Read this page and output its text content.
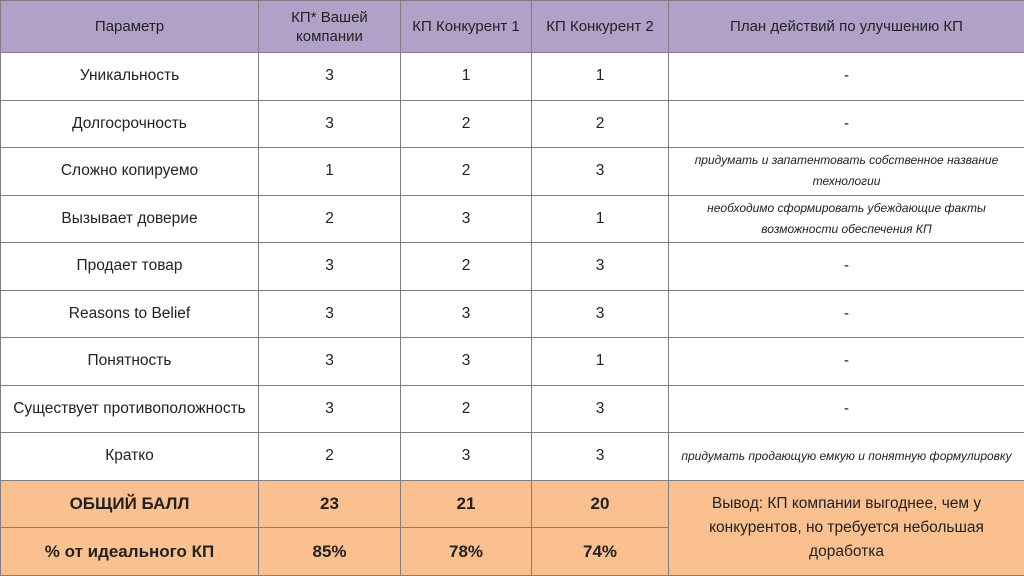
Параметр	КП* Вашей компании	КП Конкурент 1	КП Конкурент 2	План действий по улучшению КП
Уникальность	3	1	1	-
Долгосрочность	3	2	2	-
Сложно копируемо	1	2	3	придумать и запатентовать собственное название технологии
Вызывает доверие	2	3	1	необходимо сформировать убеждающие факты возможности обеспечения КП
Продает товар	3	2	3	-
Reasons to Belief	3	3	3	-
Понятность	3	3	1	-
Существует противоположность	3	2	3	-
Кратко	2	3	3	придумать продающую емкую и понятную формулировку
ОБЩИЙ БАЛЛ	23	21	20	Вывод: КП компании выгоднее, чем у конкурентов, но требуется небольшая доработка
% от идеального КП	85%	78%	74%	
